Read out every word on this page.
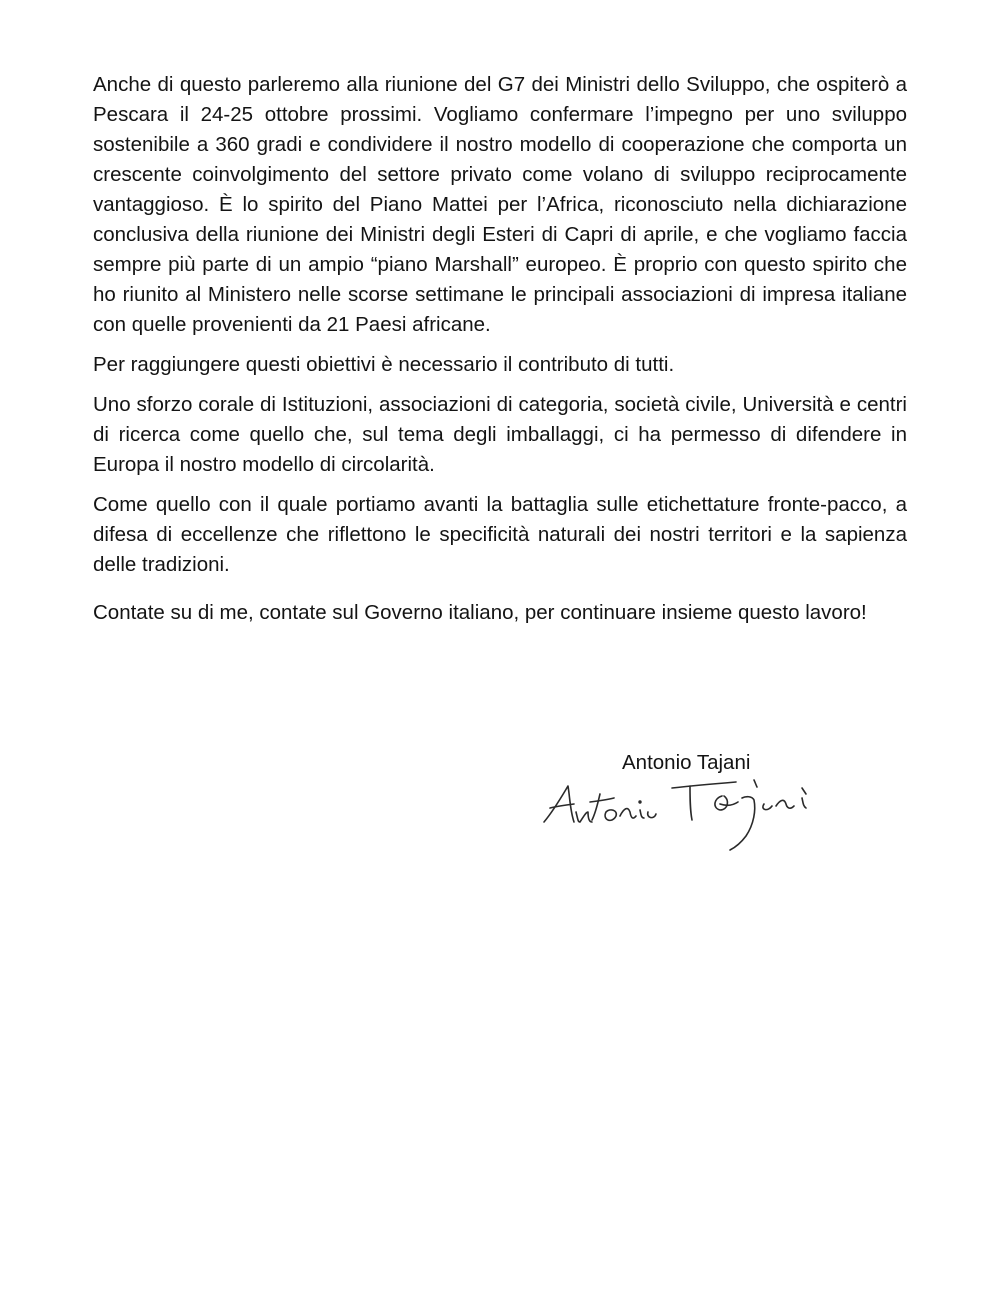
Anche di questo parleremo alla riunione del G7 dei Ministri dello Sviluppo, che ospiterò a Pescara il 24-25 ottobre prossimi. Vogliamo confermare l’impegno per uno sviluppo sostenibile a 360 gradi e condividere il nostro modello di cooperazione che comporta un crescente coinvolgimento del settore privato come volano di sviluppo reciprocamente vantaggioso. È lo spirito del Piano Mattei per l’Africa, riconosciuto nella dichiarazione conclusiva della riunione dei Ministri degli Esteri di Capri di aprile, e che vogliamo faccia sempre più parte di un ampio “piano Marshall” europeo. È proprio con questo spirito che ho riunito al Ministero nelle scorse settimane le principali associazioni di impresa italiane con quelle provenienti da 21 Paesi africane.

Per raggiungere questi obiettivi è necessario il contributo di tutti.

Uno sforzo corale di Istituzioni, associazioni di categoria, società civile, Università e centri di ricerca come quello che, sul tema degli imballaggi, ci ha permesso di difendere in Europa il nostro modello di circolarità.

Come quello con il quale portiamo avanti la battaglia sulle etichettature fronte-pacco, a difesa di eccellenze che riflettono le specificità naturali dei nostri territori e la sapienza delle tradizioni.

Contate su di me, contate sul Governo italiano, per continuare insieme questo lavoro!

Antonio Tajani
